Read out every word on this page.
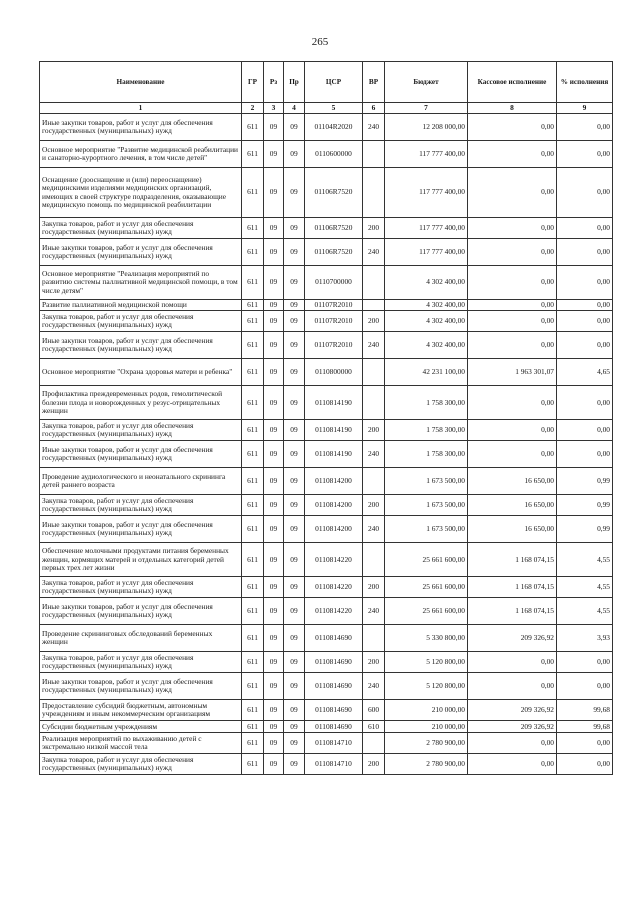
265
Наименование	ГР	Рз	Пр	ЦСР	ВР	Бюджет	Кассовое исполнение	% исполнения
1	2	3	4	5	6	7	8	9
Иные закупки товаров, работ и услуг для обеспечения государственных (муниципальных) нужд	611	09	09	01104R2020	240	12 208 000,00	0,00	0,00
Основное мероприятие "Развитие медицинской реабилитации и санаторно-курортного лечения, в том числе детей"	611	09	09	0110600000		117 777 400,00	0,00	0,00
Оснащение (дооснащение и (или) переоснащение) медицинскими изделиями медицинских организаций, имеющих в своей структуре подразделения, оказывающие медицинскую помощь по медицинской реабилитации	611	09	09	01106R7520		117 777 400,00	0,00	0,00
Закупка товаров, работ и услуг для обеспечения государственных (муниципальных) нужд	611	09	09	01106R7520	200	117 777 400,00	0,00	0,00
Иные закупки товаров, работ и услуг для обеспечения государственных (муниципальных) нужд	611	09	09	01106R7520	240	117 777 400,00	0,00	0,00
Основное мероприятие "Реализация мероприятий по развитию системы паллиативной медицинской помощи, в том числе детям"	611	09	09	0110700000		4 302 400,00	0,00	0,00
Развитие паллиативной медицинской помощи	611	09	09	01107R2010		4 302 400,00	0,00	0,00
Закупка товаров, работ и услуг для обеспечения государственных (муниципальных) нужд	611	09	09	01107R2010	200	4 302 400,00	0,00	0,00
Иные закупки товаров, работ и услуг для обеспечения государственных (муниципальных) нужд	611	09	09	01107R2010	240	4 302 400,00	0,00	0,00
Основное мероприятие "Охрана здоровья матери и ребенка"	611	09	09	0110800000		42 231 100,00	1 963 301,07	4,65
Профилактика преждевременных родов, гемолитической болезни плода и новорожденных у резус-отрицательных женщин	611	09	09	0110814190		1 758 300,00	0,00	0,00
Закупка товаров, работ и услуг для обеспечения государственных (муниципальных) нужд	611	09	09	0110814190	200	1 758 300,00	0,00	0,00
Иные закупки товаров, работ и услуг для обеспечения государственных (муниципальных) нужд	611	09	09	0110814190	240	1 758 300,00	0,00	0,00
Проведение аудиологического и неонатального скрининга детей раннего возраста	611	09	09	0110814200		1 673 500,00	16 650,00	0,99
Закупка товаров, работ и услуг для обеспечения государственных (муниципальных) нужд	611	09	09	0110814200	200	1 673 500,00	16 650,00	0,99
Иные закупки товаров, работ и услуг для обеспечения государственных (муниципальных) нужд	611	09	09	0110814200	240	1 673 500,00	16 650,00	0,99
Обеспечение молочными продуктами питания беременных женщин, кормящих матерей и отдельных категорий детей первых трех лет жизни	611	09	09	0110814220		25 661 600,00	1 168 074,15	4,55
Закупка товаров, работ и услуг для обеспечения государственных (муниципальных) нужд	611	09	09	0110814220	200	25 661 600,00	1 168 074,15	4,55
Иные закупки товаров, работ и услуг для обеспечения государственных (муниципальных) нужд	611	09	09	0110814220	240	25 661 600,00	1 168 074,15	4,55
Проведение скрининговых обследований беременных женщин	611	09	09	0110814690		5 330 800,00	209 326,92	3,93
Закупка товаров, работ и услуг для обеспечения государственных (муниципальных) нужд	611	09	09	0110814690	200	5 120 800,00	0,00	0,00
Иные закупки товаров, работ и услуг для обеспечения государственных (муниципальных) нужд	611	09	09	0110814690	240	5 120 800,00	0,00	0,00
Предоставление субсидий бюджетным, автономным учреждениям и иным некоммерческим организациям	611	09	09	0110814690	600	210 000,00	209 326,92	99,68
Субсидии бюджетным учреждениям	611	09	09	0110814690	610	210 000,00	209 326,92	99,68
Реализация мероприятий по выхаживанию детей с экстремально низкой массой тела	611	09	09	0110814710		2 780 900,00	0,00	0,00
Закупка товаров, работ и услуг для обеспечения государственных (муниципальных) нужд	611	09	09	0110814710	200	2 780 900,00	0,00	0,00
